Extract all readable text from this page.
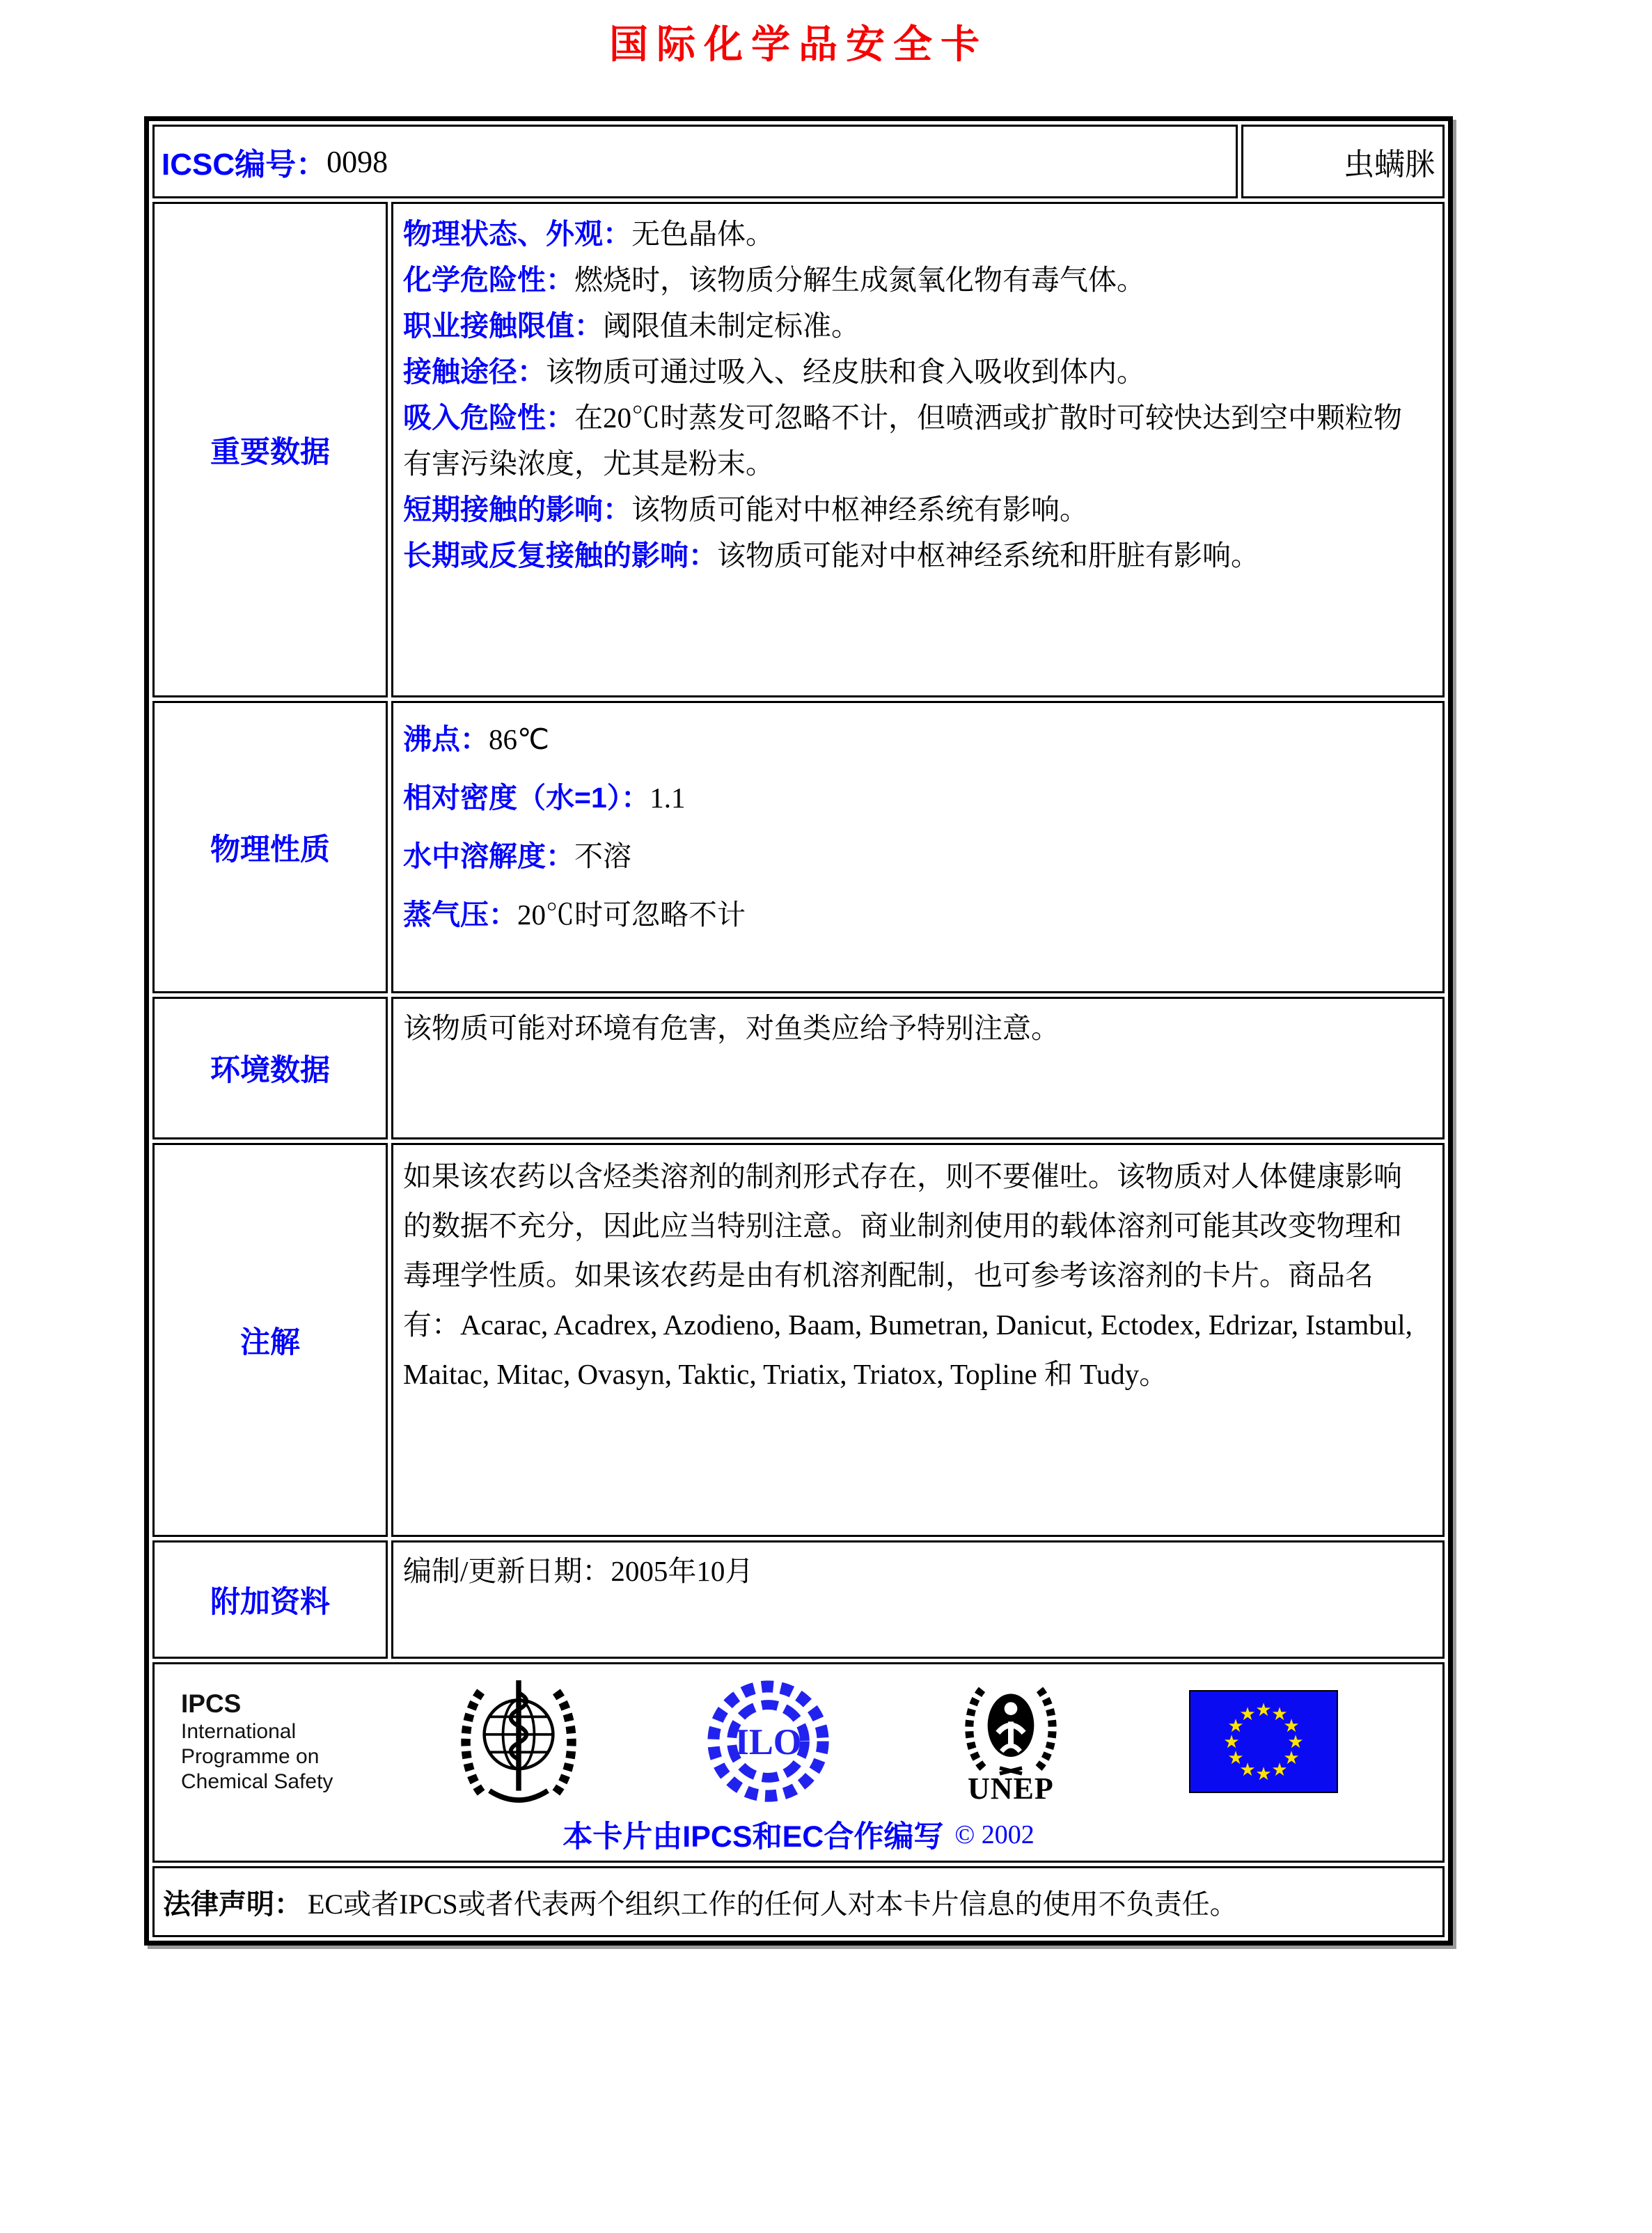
国际化学品安全卡
ICSC编号： 0098	虫螨脒
重要数据
物理状态、外观：无色晶体。
化学危险性：燃烧时，该物质分解生成氮氧化物有毒气体。
职业接触限值：阈限值未制定标准。
接触途径：该物质可通过吸入、经皮肤和食入吸收到体内。
吸入危险性：在20℃时蒸发可忽略不计，但喷洒或扩散时可较快达到空中颗粒物有害污染浓度，尤其是粉末。
短期接触的影响：该物质可能对中枢神经系统有影响。
长期或反复接触的影响：该物质可能对中枢神经系统和肝脏有影响。
物理性质
沸点：86℃
相对密度（水=1）：1.1
水中溶解度：不溶
蒸气压：20℃时可忽略不计
环境数据
该物质可能对环境有危害，对鱼类应给予特别注意。
注解
如果该农药以含烃类溶剂的制剂形式存在，则不要催吐。该物质对人体健康影响的数据不充分，因此应当特别注意。商业制剂使用的载体溶剂可能其改变物理和毒理学性质。如果该农药是由有机溶剂配制，也可参考该溶剂的卡片。商品名有：Acarac, Acadrex, Azodieno, Baam, Bumetran, Danicut, Ectodex, Edrizar, Istambul, Maitac, Mitac, Ovasyn, Taktic, Triatix, Triatox, Topline 和 Tudy。
附加资料
编制/更新日期：2005年10月
IPCS
International
Programme on
Chemical Safety
ILO
UNEP
★ ★
★
★
★
★
★
★
★
★
★
★
本卡片由IPCS和EC合作编写 © 2002
法律声明： EC或者IPCS或者代表两个组织工作的任何人对本卡片信息的使用不负责任。
